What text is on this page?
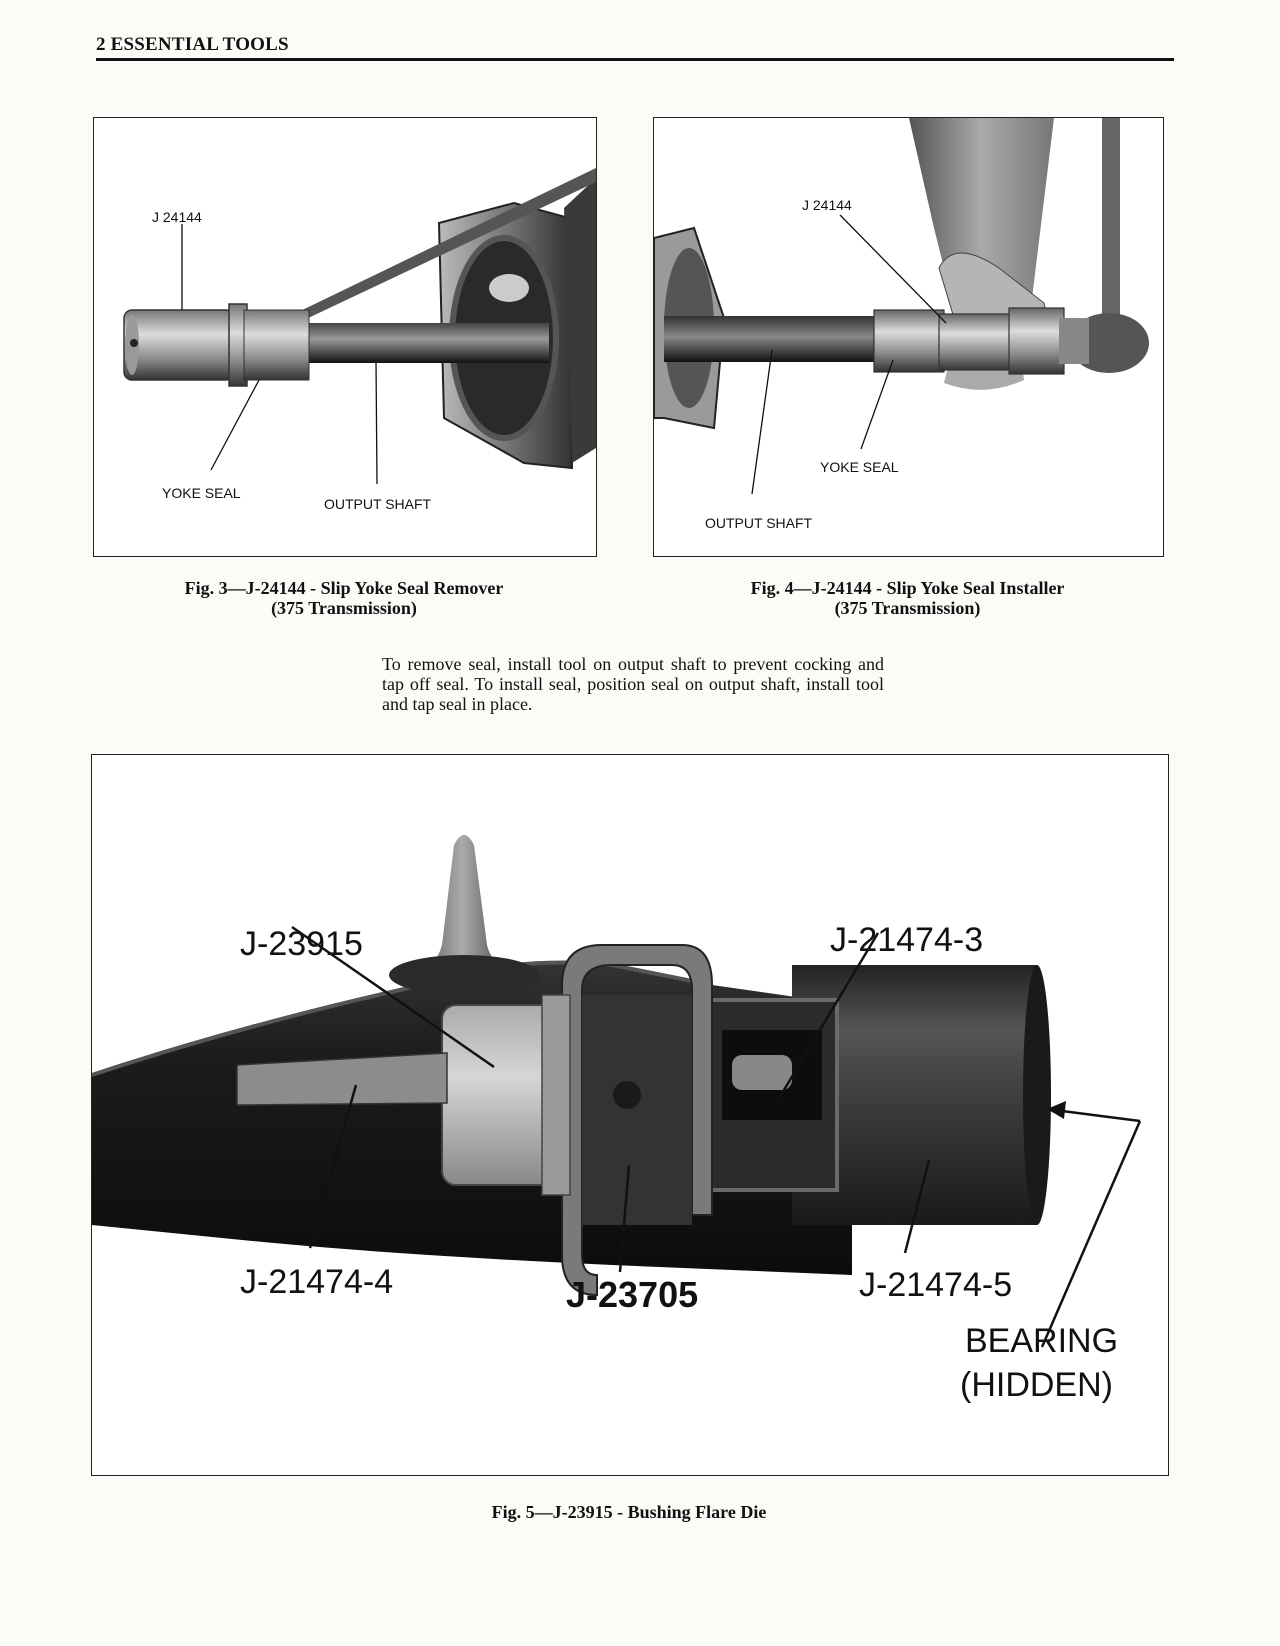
2 ESSENTIAL TOOLS
J 24144
YOKE SEAL
OUTPUT SHAFT
Fig. 3—J-24144 - Slip Yoke Seal Remover
(375 Transmission)
J 24144
YOKE SEAL
OUTPUT SHAFT
Fig. 4—J-24144 - Slip Yoke Seal Installer
(375 Transmission)
To remove seal, install tool on output shaft to prevent cocking and tap off seal. To install seal, position seal on output shaft, install tool and tap seal in place.
J-23915	J-21474-3
J-21474-4	J-23705	J-21474-5
BEARING
(HIDDEN)
Fig. 5—J-23915 - Bushing Flare Die
